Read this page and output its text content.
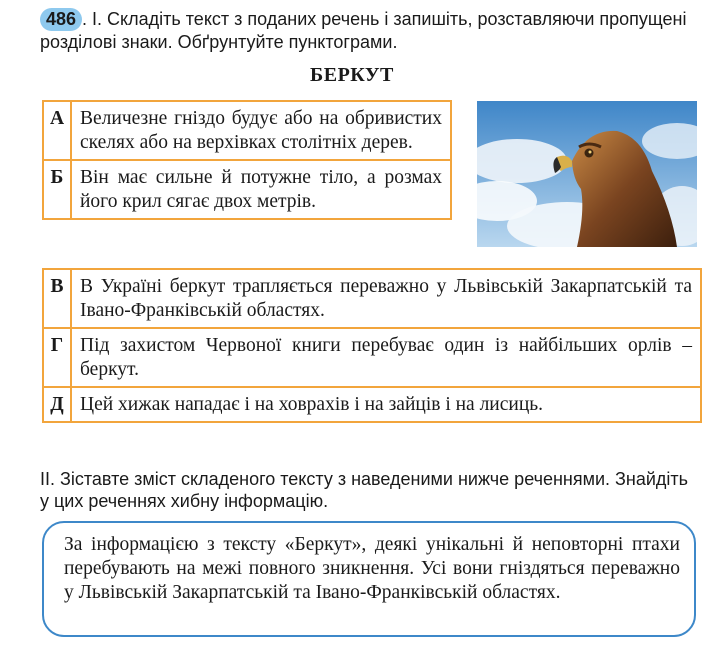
486 . І. Складіть текст з поданих речень і запишіть, розставляючи пропущені розділові знаки. Обґрунтуйте пунктограми.
БЕРКУТ
А	Величезне гніздо будує або на обривистих скелях або на верхівках столітніх дерев.
Б	Він має сильне й потужне тіло, а розмах його крил сягає двох метрів.
В	В Україні беркут трапляється переважно у Львівській Закарпатській та Івано-Франківській областях.
Г	Під захистом Червоної книги перебуває один із найбільших орлів – беркут.
Д	Цей хижак нападає і на ховрахів і на зайців і на лисиць.
ІІ. Зіставте зміст складеного тексту з наведеними нижче реченнями. Знайдіть у цих реченнях хибну інформацію.
За інформацією з тексту «Беркут», деякі унікальні й неповторні птахи перебувають на межі повного зникнення. Усі вони гніздяться переважно у Львівській Закарпатській та Івано-Франківській областях.
